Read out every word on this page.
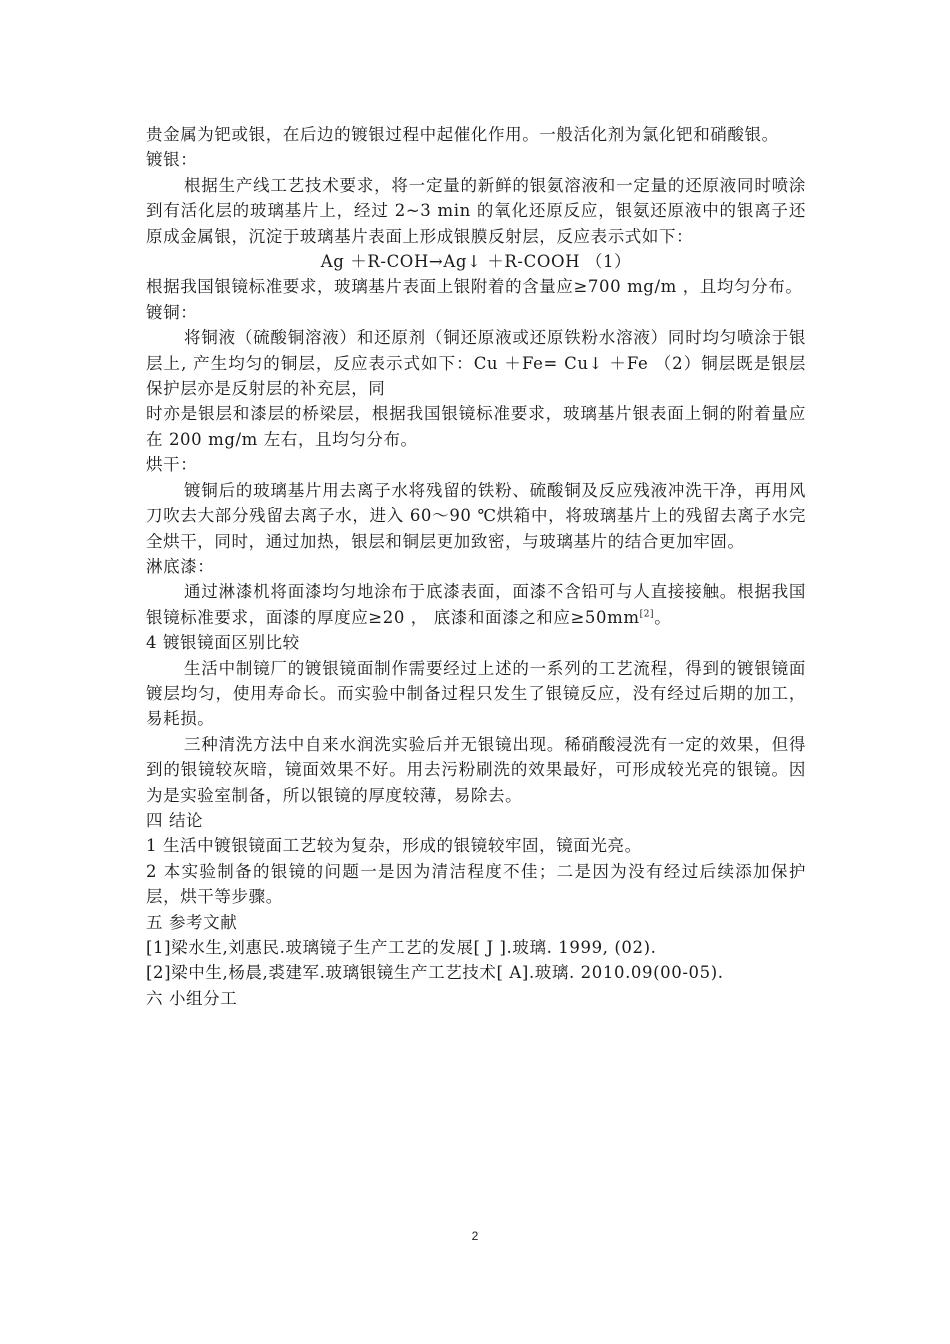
贵金属为钯或银，在后边的镀银过程中起催化作用。一般活化剂为氯化钯和硝酸银。

镀银：

根据生产线工艺技术要求，将一定量的新鲜的银氨溶液和一定量的还原液同时喷涂到有活化层的玻璃基片上，经过 2~3 min 的氧化还原反应，银氨还原液中的银离子还原成金属银，沉淀于玻璃基片表面上形成银膜反射层，反应表示式如下：

Ag ＋R-COH→Ag↓ ＋R-COOH （1）

根据我国银镜标准要求，玻璃基片表面上银附着的含量应≥700 mg/m ，且均匀分布。

镀铜：

将铜液（硫酸铜溶液）和还原剂（铜还原液或还原铁粉水溶液）同时均匀喷涂于银层上, 产生均匀的铜层，反应表示式如下：Cu ＋Fe= Cu↓ ＋Fe （2）铜层既是银层保护层亦是反射层的补充层，同

时亦是银层和漆层的桥梁层，根据我国银镜标准要求，玻璃基片银表面上铜的附着量应在 200 mg/m 左右，且均匀分布。

烘干：

镀铜后的玻璃基片用去离子水将残留的铁粉、硫酸铜及反应残液冲洗干净，再用风刀吹去大部分残留去离子水，进入 60～90 ℃烘箱中，将玻璃基片上的残留去离子水完全烘干，同时，通过加热，银层和铜层更加致密，与玻璃基片的结合更加牢固。

淋底漆：

通过淋漆机将面漆均匀地涂布于底漆表面，面漆不含铅可与人直接接触。根据我国银镜标准要求，面漆的厚度应≥20 ， 底漆和面漆之和应≥50mm[2]。

4 镀银镜面区别比较

生活中制镜厂的镀银镜面制作需要经过上述的一系列的工艺流程，得到的镀银镜面镀层均匀，使用寿命长。而实验中制备过程只发生了银镜反应，没有经过后期的加工，易耗损。

三种清洗方法中自来水润洗实验后并无银镜出现。稀硝酸浸洗有一定的效果，但得到的银镜较灰暗，镜面效果不好。用去污粉刷洗的效果最好，可形成较光亮的银镜。因为是实验室制备，所以银镜的厚度较薄，易除去。

四 结论

1 生活中镀银镜面工艺较为复杂，形成的银镜较牢固，镜面光亮。

2 本实验制备的银镜的问题一是因为清洁程度不佳；二是因为没有经过后续添加保护层，烘干等步骤。

五 参考文献

[1]梁水生,刘惠民.玻璃镜子生产工艺的发展[ J ].玻璃. 1999, (02).

[2]梁中生,杨晨,裘建军.玻璃银镜生产工艺技术[ A].玻璃. 2010.09(00-05).

六 小组分工

2
